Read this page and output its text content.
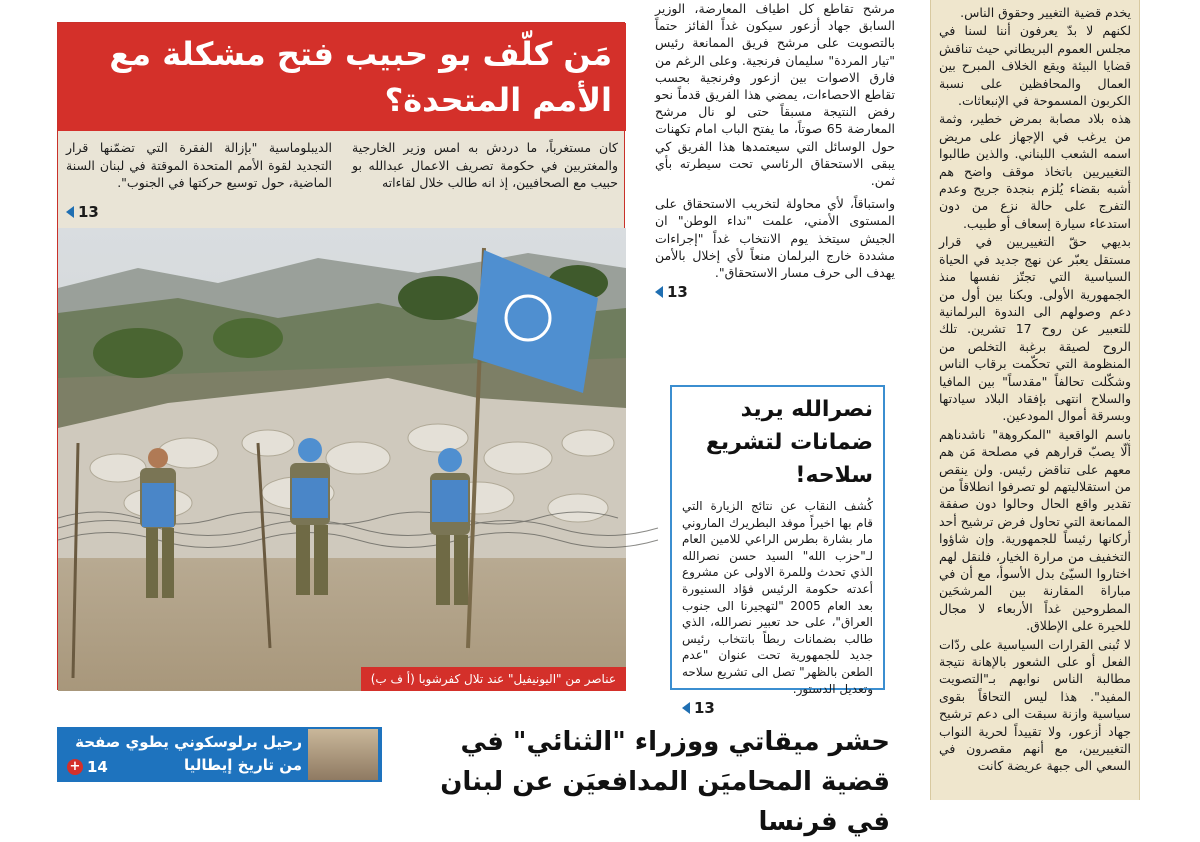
يخدم قضية التغيير وحقوق الناس.

لكنهم لا بدّ يعرفون أننا لسنا في مجلس العموم البريطاني حيث تناقش قضايا البيئة ويقع الخلاف المبرح بين العمال والمحافظين على نسبة الكربون المسموحة في الإنبعاثات.

هذه بلاد مصابة بمرض خطير، وثمة من يرغب في الإجهاز على مريض اسمه الشعب اللبناني. والذين طالبوا التغييريين باتخاذ موقف واضح هم أشبه بقضاء يُلزم بنجدة جريح وعدم التفرج على حالة نزع من دون استدعاء سيارة إسعاف أو طبيب.

بديهي حقّ التغييريين في قرار مستقل يعبّر عن نهج جديد في الحياة السياسية التي تجتّز نفسها منذ الجمهورية الأولى. وبكنا بين أول من دعم وصولهم الى الندوة البرلمانية للتعبير عن روح 17 تشرين. تلك الروح لصيقة برغبة التخلص من المنظومة التي تحكّمت برقاب الناس وشكّلت تحالفاً "مقدساً" بين المافيا والسلاح انتهى بإفقاد البلاد سيادتها وبسرقة أموال المودعين.

باسم الواقعية "المكروهة" ناشدناهم ألّا يصبّ قرارهم في مصلحة مَن هم معهم على تناقض رئيس. ولن ينقص من استقلاليتهم لو تصرفوا انطلاقاً من تقدير واقع الحال وحالوا دون صفقة الممانعة التي تحاول فرض ترشيح أحد أركانها رئيساً للجمهورية. وإن شاؤوا التخفيف من مرارة الخيار، فلنقل لهم اختاروا السيّئ بدل الأسوأ، مع أن في مباراة المقارنة بين المرشحَين المطروحين غداً الأربعاء لا مجال للحيرة على الإطلاق.

لا تُبنى القرارات السياسية على ردّات الفعل أو على الشعور بالإهانة نتيجة مطالبة الناس نوابهم بـ"التصويت المفيد". هذا ليس التحاقاً بقوى سياسية وازنة سبقت الى دعم ترشيح جهاد أزعور، ولا تقييداً لحرية النواب التغييريين، مع أنهم مقصرون في السعي الى جبهة عريضة كانت

مرشح تقاطع كل اطياف المعارضة، الوزير السابق جهاد أزعور سيكون غداً الفائز حتماً بالتصويت على مرشح فريق الممانعة رئيس "تيار المردة" سليمان فرنجية. وعلى الرغم من فارق الاصوات بين ازعور وفرنجية بحسب تقاطع الاحصاءات، يمضي هذا الفريق قدماً نحو رفض النتيجة مسبقاً حتى لو نال مرشح المعارضة 65 صوتاً، ما يفتح الباب امام تكهنات حول الوسائل التي سيعتمدها هذا الفريق كي يبقى الاستحقاق الرئاسي تحت سيطرته بأي ثمن.

واستباقاً، لأي محاولة لتخريب الاستحقاق على المستوى الأمني، علمت "نداء الوطن" ان الجيش سيتخذ يوم الانتخاب غداً "إجراءات مشددة خارج البرلمان منعاً لأي إخلال بالأمن يهدف الى حرف مسار الاستحقاق".

13
نصرالله يريد ضمانات لتشريع سلاحه!

كُشف النقاب عن نتائج الزيارة التي قام بها اخيراً موفد البطريرك الماروني مار بشارة بطرس الراعي للامين العام لـ"حزب الله" السيد حسن نصرالله الذي تحدث وللمرة الاولى عن مشروع أعدته حكومة الرئيس فؤاد السنيورة بعد العام 2005 "لتهجيرنا الى جنوب العراق"، على حد تعبير نصرالله، الذي طالب بضمانات ربطاً بانتخاب رئيس جديد للجمهورية تحت عنوان "عدم الطعن بالظهر" تصل الى تشريع سلاحه وتعديل الدستور.

13
مَن كلّف بو حبيب فتح مشكلة مع الأمم المتحدة؟
كان مستغرباً، ما دردش به امس وزير الخارجية والمغتربين في حكومة تصريف الاعمال عبدالله بو حبيب مع الصحافيين، إذ انه طالب خلال لقاءاته
الديبلوماسية "بإزالة الفقرة التي تضمّنها قرار التجديد لقوة الأمم المتحدة الموقتة في لبنان السنة الماضية، حول توسيع حركتها في الجنوب".
13
عناصر من "اليونيفيل" عند تلال كفرشوبا (أ ف ب)
حشر ميقاتي ووزراء "الثنائي" في قضية المحاميَن المدافعيَن عن لبنان في فرنسا
رحيل برلوسكوني يطوي صفحة من تاريخ إيطاليا
+ 14
